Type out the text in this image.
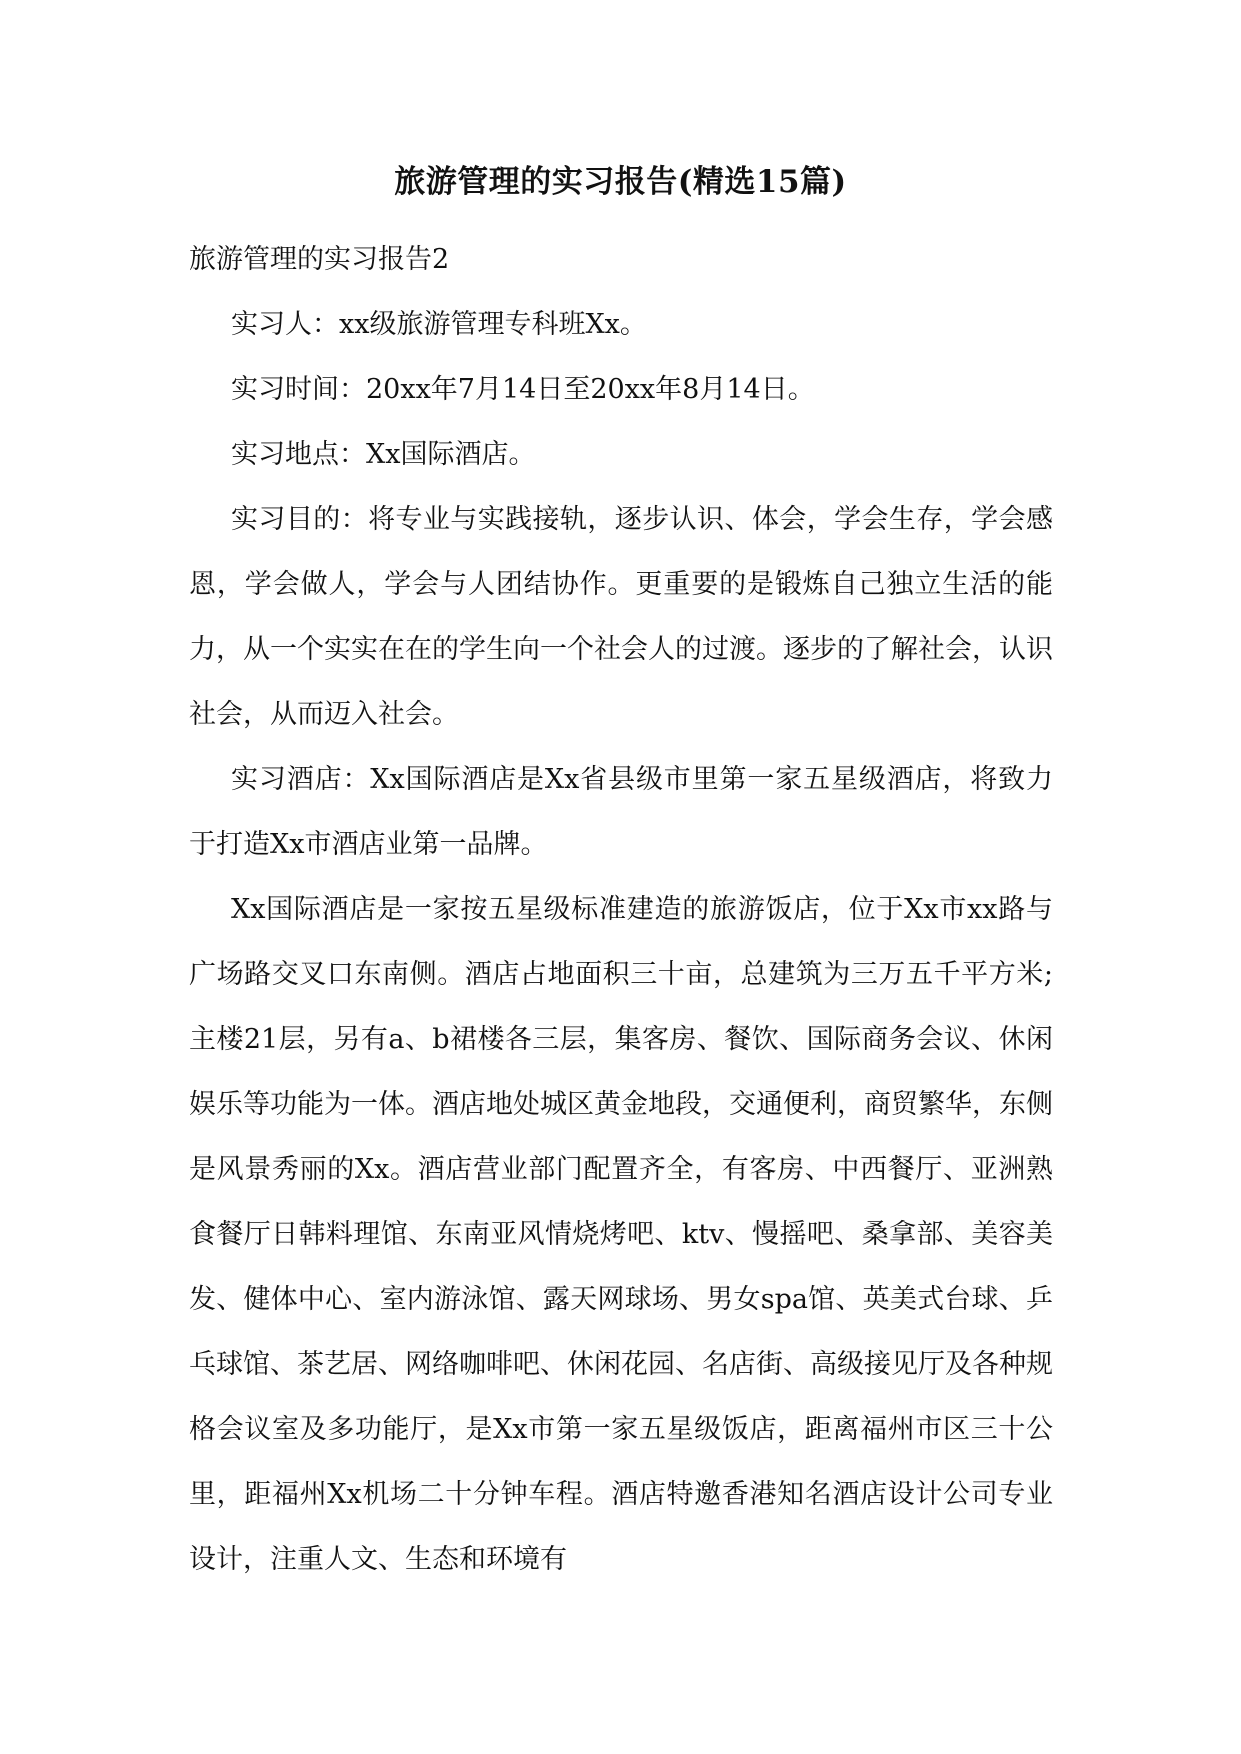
旅游管理的实习报告(精选15篇)

旅游管理的实习报告2

实习人：xx级旅游管理专科班Xx。

实习时间：20xx年7月14日至20xx年8月14日。

实习地点：Xx国际酒店。

实习目的：将专业与实践接轨，逐步认识、体会，学会生存，学会感恩，学会做人，学会与人团结协作。更重要的是锻炼自己独立生活的能力，从一个实实在在的学生向一个社会人的过渡。逐步的了解社会，认识社会，从而迈入社会。

实习酒店：Xx国际酒店是Xx省县级市里第一家五星级酒店，将致力于打造Xx市酒店业第一品牌。

Xx国际酒店是一家按五星级标准建造的旅游饭店，位于Xx市xx路与广场路交叉口东南侧。酒店占地面积三十亩，总建筑为三万五千平方米;主楼21层，另有a、b裙楼各三层，集客房、餐饮、国际商务会议、休闲娱乐等功能为一体。酒店地处城区黄金地段，交通便利，商贸繁华，东侧是风景秀丽的Xx。酒店营业部门配置齐全，有客房、中西餐厅、亚洲熟食餐厅日韩料理馆、东南亚风情烧烤吧、ktv、慢摇吧、桑拿部、美容美发、健体中心、室内游泳馆、露天网球场、男女spa馆、英美式台球、乒乓球馆、茶艺居、网络咖啡吧、休闲花园、名店街、高级接见厅及各种规格会议室及多功能厅，是Xx市第一家五星级饭店，距离福州市区三十公里，距福州Xx机场二十分钟车程。酒店特邀香港知名酒店设计公司专业设计，注重人文、生态和环境有
